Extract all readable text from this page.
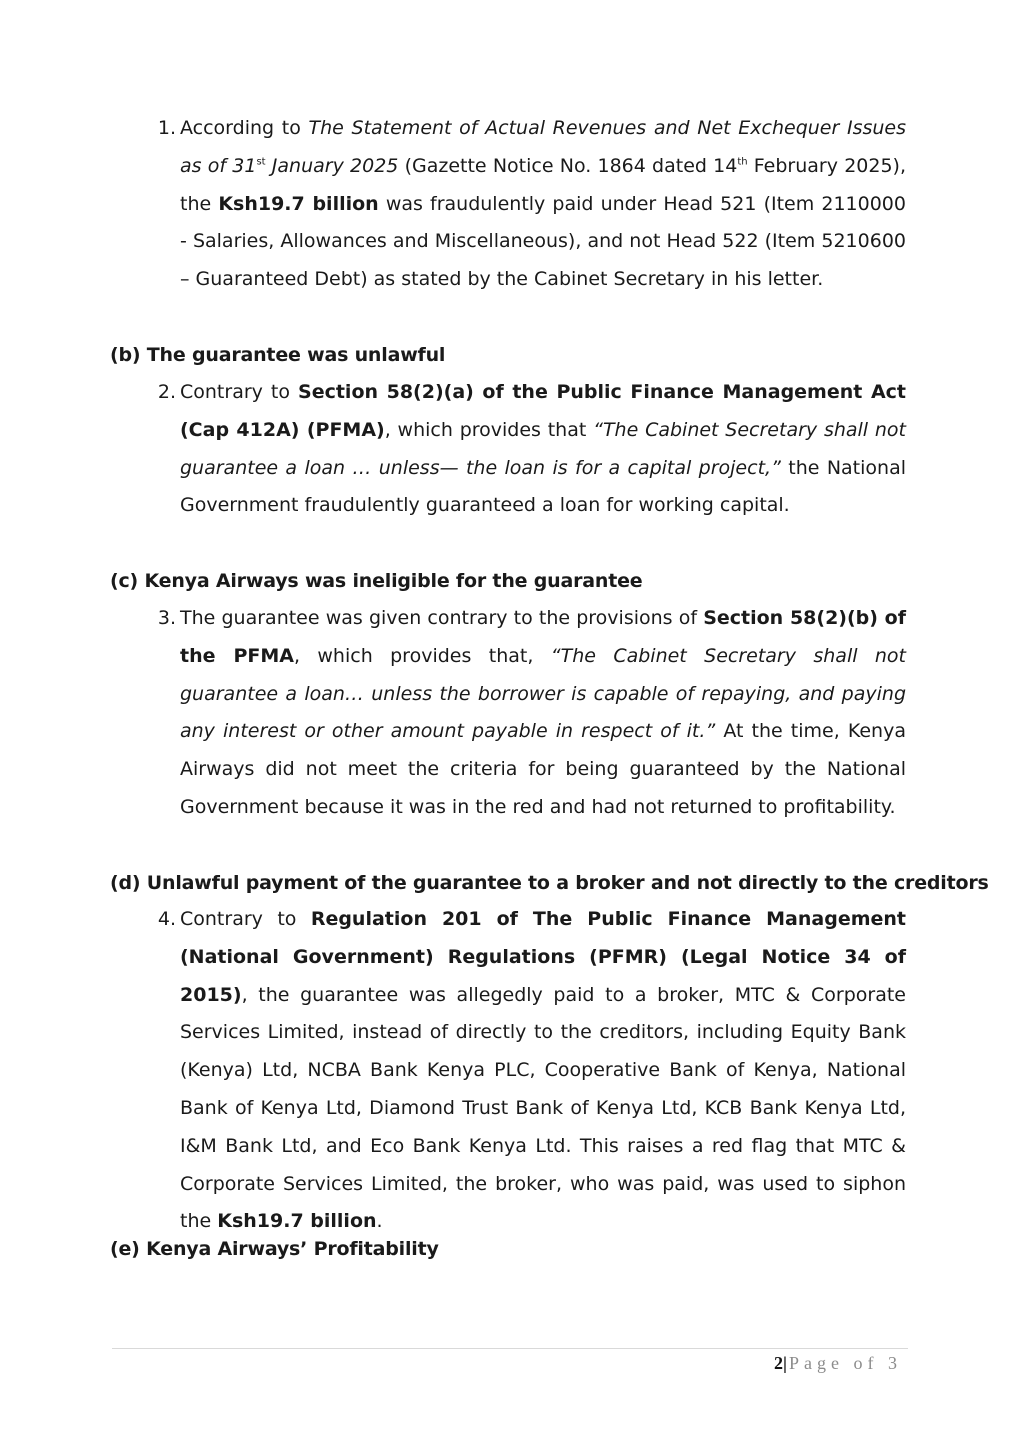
1. According to The Statement of Actual Revenues and Net Exchequer Issues as of 31st January 2025 (Gazette Notice No. 1864 dated 14th February 2025), the Ksh19.7 billion was fraudulently paid under Head 521 (Item 2110000 - Salaries, Allowances and Miscellaneous), and not Head 522 (Item 5210600 – Guaranteed Debt) as stated by the Cabinet Secretary in his letter.
(b) The guarantee was unlawful
2. Contrary to Section 58(2)(a) of the Public Finance Management Act (Cap 412A) (PFMA), which provides that “The Cabinet Secretary shall not guarantee a loan … unless— the loan is for a capital project,” the National Government fraudulently guaranteed a loan for working capital.
(c) Kenya Airways was ineligible for the guarantee
3. The guarantee was given contrary to the provisions of Section 58(2)(b) of the PFMA, which provides that, “The Cabinet Secretary shall not guarantee a loan… unless the borrower is capable of repaying, and paying any interest or other amount payable in respect of it.” At the time, Kenya Airways did not meet the criteria for being guaranteed by the National Government because it was in the red and had not returned to profitability.
(d) Unlawful payment of the guarantee to a broker and not directly to the creditors
4. Contrary to Regulation 201 of The Public Finance Management (National Government) Regulations (PFMR) (Legal Notice 34 of 2015), the guarantee was allegedly paid to a broker, MTC & Corporate Services Limited, instead of directly to the creditors, including Equity Bank (Kenya) Ltd, NCBA Bank Kenya PLC, Cooperative Bank of Kenya, National Bank of Kenya Ltd, Diamond Trust Bank of Kenya Ltd, KCB Bank Kenya Ltd, I&M Bank Ltd, and Eco Bank Kenya Ltd. This raises a red flag that MTC & Corporate Services Limited, the broker, who was paid, was used to siphon the Ksh19.7 billion.
(e) Kenya Airways’ Profitability
2|Page of 3
